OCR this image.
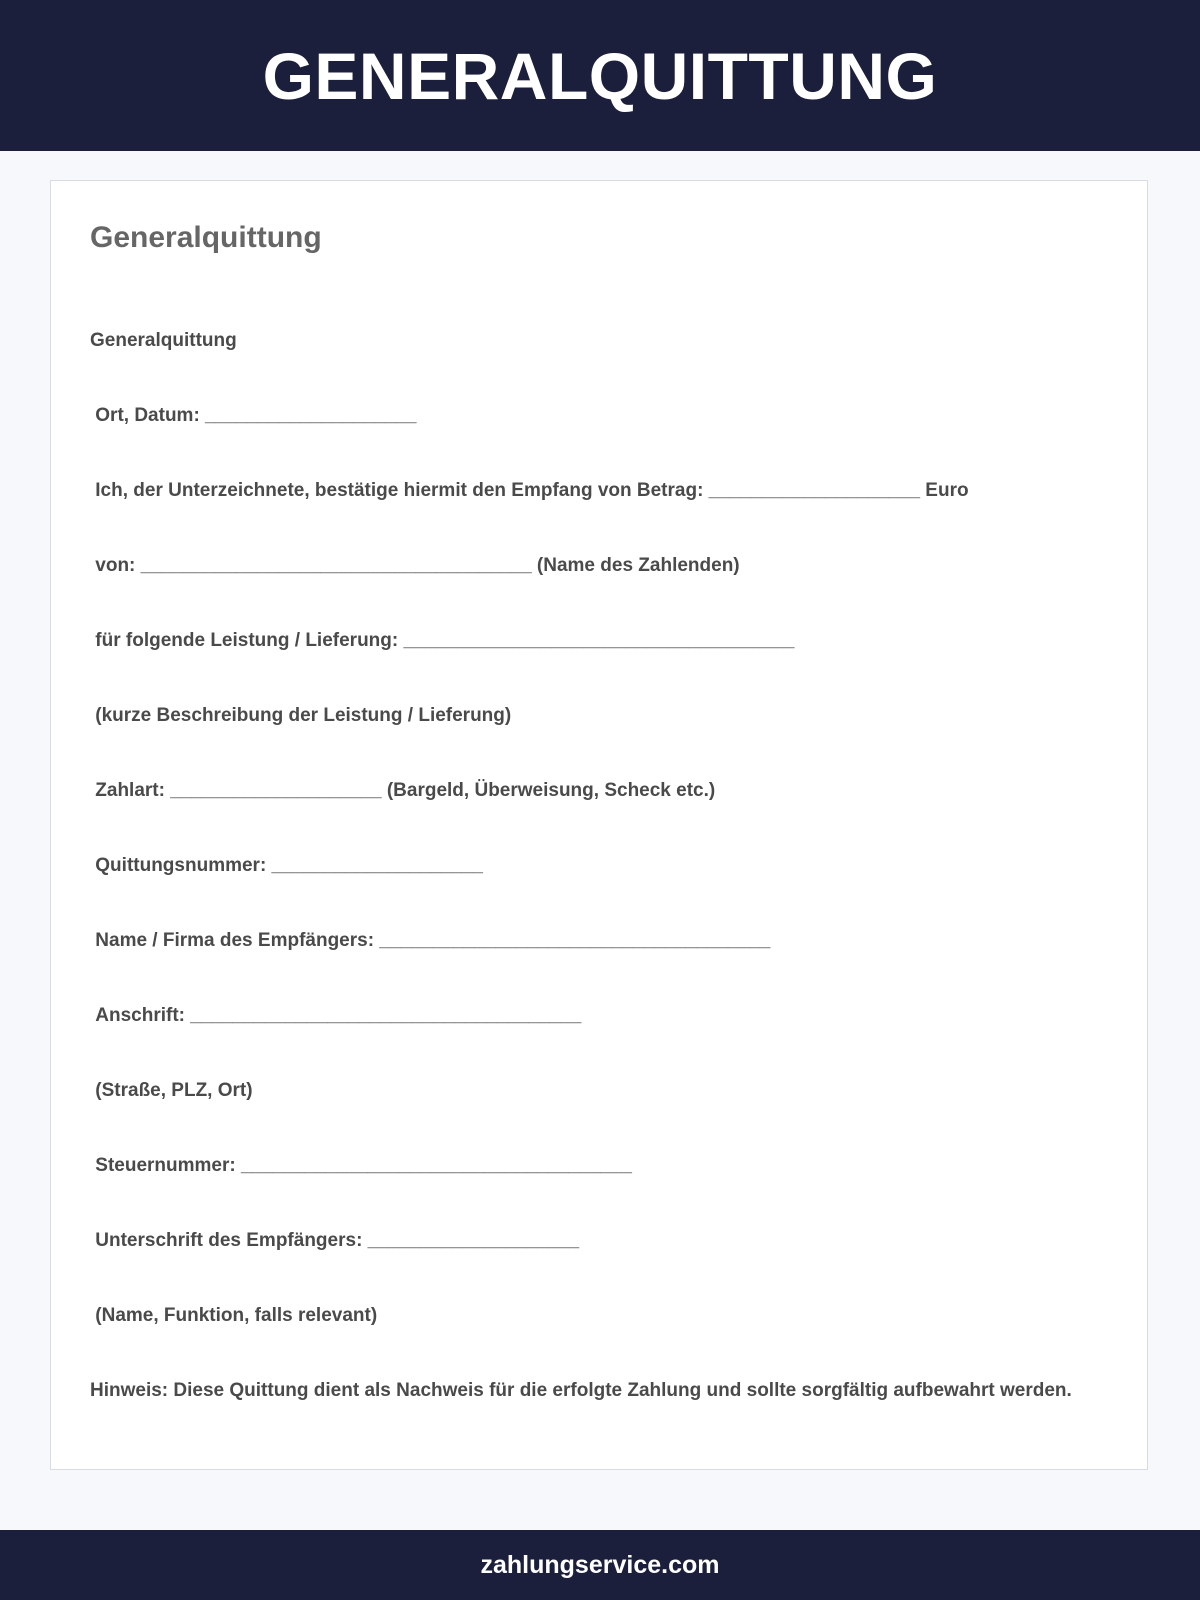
GENERALQUITTUNG
Generalquittung

Generalquittung

Ort, Datum: ____________________

Ich, der Unterzeichnete, bestätige hiermit den Empfang von Betrag: ____________________ Euro

von: _____________________________________ (Name des Zahlenden)

für folgende Leistung / Lieferung: _____________________________________

(kurze Beschreibung der Leistung / Lieferung)

Zahlart: ____________________ (Bargeld, Überweisung, Scheck etc.)

Quittungsnummer: ____________________

Name / Firma des Empfängers: _____________________________________

Anschrift: _____________________________________

(Straße, PLZ, Ort)

Steuernummer: _____________________________________

Unterschrift des Empfängers: ____________________

(Name, Funktion, falls relevant)

Hinweis: Diese Quittung dient als Nachweis für die erfolgte Zahlung und sollte sorgfältig aufbewahrt werden.

zahlungservice.com
